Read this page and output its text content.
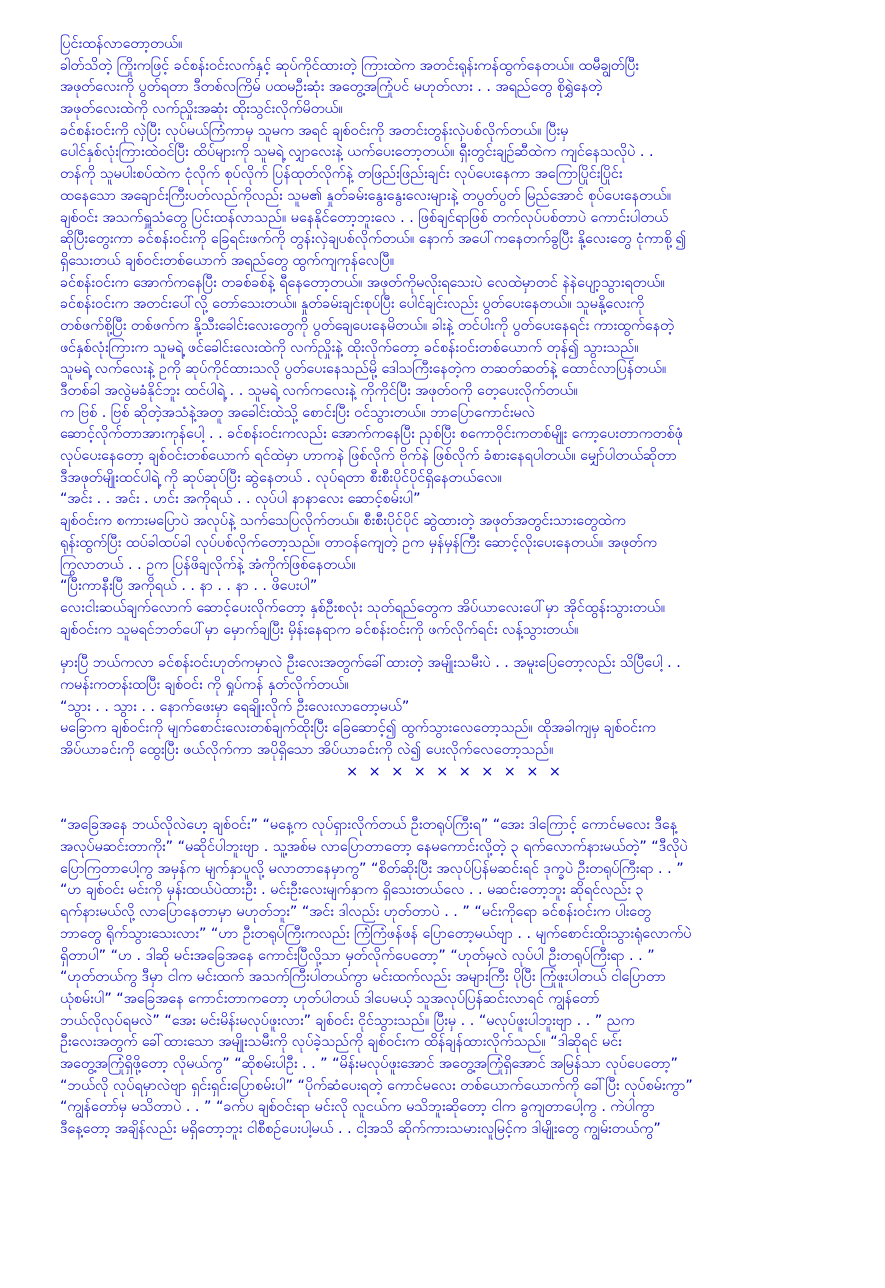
ပြင်းထန်လာတော့တယ်။
ခါတ်သိတဲ့ ကြိုးကဖြင့် ခင်စန်းဝင်းလက်နှင့် ဆုပ်ကိုင်ထားတဲ့ ကြားထဲက အတင်းရုန်းကန်ထွက်နေတယ်။ ထမီချွတ်ပြီး
အဖုတ်လေးကို ပွတ်ရတာ ဒီတစ်လကြိမ် ပထမဦးဆုံး အတွေ့အကြုံပင် မဟုတ်လား . . အရည်တွေ စိုရွှဲနေတဲ့
အဖုတ်လေးထဲကို လက်ညှိုးအဆုံး ထိုးသွင်းလိုက်မိတယ်။
ခင်စန်းဝင်းကို လှဲပြီး လုပ်မယ်ကြံကာမှ သူမက အရင် ချစ်ဝင်းကို အတင်းတွန်းလှဲပစ်လိုက်တယ်။ ပြီးမှ
ပေါင်နှစ်လုံးကြားထဲဝင်ပြီး ထိပ်များကို သူမရဲ့ လျှာလေးနဲ့ ယက်ပေးတော့တယ်။ ရှီးတွင်းချဉ်ဆီထဲက ကျင်နေသလိုပဲ . .
တန်ကို သူမပါးစပ်ထဲက ငုံလိုက် စုပ်လိုက် ပြန်ထုတ်လိုက်နဲ့ တဖြည်းဖြည်းချင်း လုပ်ပေးနေကာ အကြောပြိုင်းပြိုင်း
ထနေသော အချောင်းကြီးပတ်လည်ကိုလည်း သူမ၏ နှုတ်ခမ်းနွေးနွေးလေးများနဲ့ တပွတ်ပွတ် မြည်အောင် စုပ်ပေးနေတယ်။
ချစ်ဝင်း အသက်ရှူသံတွေ ပြင်းထန်လာသည်။ မနေနိုင်တော့ဘူးလေ . . ဖြစ်ချင်ရာဖြစ် တက်လုပ်ပစ်တာပဲ ကောင်းပါတယ်
ဆိုပြီးတွေးကာ ခင်စန်းဝင်းကို ခြေရင်းဖက်ကို တွန်းလှဲချပစ်လိုက်တယ်။ နောက် အပေါ်ကနေတက်ခွပြီး နို့လေးတွေ ငုံကာစို့၍
ရှိသေးတယ် ချစ်ဝင်းတစ်ယောက် အရည်တွေ ထွက်ကျကုန်လေပြီ။
ခင်စန်းဝင်းက အောက်ကနေပြီး တခစ်ခစ်နဲ့ ရီနေတော့တယ်။ အဖုတ်ကိုမလိုးရသေးပဲ လေထဲမှာတင် နဲနဲပျော့သွားရတယ်။
ခင်စန်းဝင်းက အတင်းပေါ်လို့ တော်သေးတယ်။ နှုတ်ခမ်းချင်းစုပ်ပြီး ပေါင်ချင်းလည်း ပွတ်ပေးနေတယ်။ သူမနို့လေးကို
တစ်ဖက်စို့ပြီး တစ်ဖက်က နို့သီးခေါင်းလေးတွေကို ပွတ်ချေပေးနေမိတယ်။ ခါးနဲ့ တင်ပါးကို ပွတ်ပေးနေရင်း ကားထွက်နေတဲ့
ဖင်နှစ်လုံးကြားက သူမရဲ့ ဖင်ခေါင်းလေးထဲကို လက်ညှိုးနဲ့ ထိုးလိုက်တော့ ခင်စန်းဝင်းတစ်ယောက် တုန်၍ သွားသည်။
သူမရဲ့ လက်လေးနဲ့ ဥကို ဆုပ်ကိုင်ထားသလို ပွတ်ပေးနေသည်မို့ ဒေါသကြီးနေတဲ့က တဆတ်ဆတ်နဲ့ ထောင်လာပြန်တယ်။
ဒီတစ်ခါ အလွဲမခံနိုင်ဘူး ထင်ပါရဲ့ . . သူမရဲ့ လက်ကလေးနဲ့ ကိုကိုင်ပြီး အဖုတ်ဝကို တေ့ပေးလိုက်တယ်။
က ဗြစ် . ဗြစ် ဆိုတဲ့အသံနဲ့အတူ အခေါင်းထဲသို့ စောင်းပြီး ဝင်သွားတယ်။ ဘာပြောကောင်းမလဲ
ဆောင့်လိုက်တာအားကုန်ပေါ့ . . ခင်စန်းဝင်းကလည်း အောက်ကနေပြီး ညှစ်ပြီး စကောဝိုင်းကတစ်မျိုး ကော့ပေးတာကတစ်ဖုံ
လုပ်ပေးနေတော့ ချစ်ဝင်းတစ်ယောက် ရင်ထဲမှာ ဟာကနဲ ဖြစ်လိုက် ဗိုက်နဲ ဖြစ်လိုက် ခံစားနေရပါတယ်။ မျှော်ပါတယ်ဆိုတာ
ဒီအဖုတ်မျိုးထင်ပါရဲ့ ကို ဆုပ်ဆုပ်ပြီး ဆွဲနေတယ် . လုပ်ရတာ စီးစီးပိုင်ပိုင်ရှိနေတယ်လေ။
“အင်း . . အင်း . ဟင်း အကိုရယ် . . လုပ်ပါ နာနာလေး ဆောင့်စမ်းပါ”
ချစ်ဝင်းက စကားမပြောပဲ အလုပ်နဲ့ သက်သေပြလိုက်တယ်။ စီးစီးပိုင်ပိုင် ဆွဲထားတဲ့ အဖုတ်အတွင်းသားတွေထဲက
ရုန်းထွက်ပြီး ထပ်ခါထပ်ခါ လုပ်ပစ်လိုက်တော့သည်။ တာဝန်ကျေတဲ့ ဥက မှန်မှန်ကြီး ဆောင့်လိုးပေးနေတယ်။ အဖုတ်က
ကြွလာတယ် . . ဥက ပြန်ဖိချလိုက်နဲ့ အံကိုက်ဖြစ်နေတယ်။
“ပြီးကာနီးပြီ အကိုရယ် . . နာ . . နာ . . ဖိပေးပါ”
လေးငါးဆယ်ချက်လောက် ဆောင့်ပေးလိုက်တော့ နှစ်ဦးစလုံး သုတ်ရည်တွေက အိပ်ယာလေးပေါ်မှာ အိုင်ထွန်းသွားတယ်။
ချစ်ဝင်းက သူမရင်ဘတ်ပေါ်မှာ မှောက်ချပြီး မှိန်းနေရာက ခင်စန်းဝင်းကို ဖက်လိုက်ရင်း လန့်သွားတယ်။
မှားပြီ ဘယ်ကလာ ခင်စန်းဝင်းဟုတ်ကမှာလဲ ဦးလေးအတွက်ခေါ်ထားတဲ့ အမျိုးသမီးပဲ . . အမူးပြေတော့လည်း သိပြီပေါ့ . .
ကမန်းကတန်းထပြီး ချစ်ဝင်း ကို ရှုပ်ကန် နှတ်လိုက်တယ်။
“သွား . . သွား . . နောက်ဖေးမှာ ရေချိုးလိုက် ဦးလေးလာတော့မယ်”
မခြောက ချစ်ဝင်းကို မျက်စောင်းလေးတစ်ချက်ထိုးပြီး ခြေဆောင့်၍ ထွက်သွားလေတော့သည်။ ထိုအခါကျမှ ချစ်ဝင်းက
အိပ်ယာခင်းကို ထွေးပြီး ဖယ်လိုက်ကာ အပိုရှိသော အိပ်ယာခင်းကို လဲ၍ ပေးလိုက်လေတော့သည်။
× × × × × × × × × ×
“အခြေအနေ ဘယ်လိုလဲဟေ့ ချစ်ဝင်း” “မနေ့က လုပ်ရှားလိုက်တယ် ဦးတရုပ်ကြီးရ” “အေး ဒါကြောင့် ကောင်မလေး ဒီနေ့
အလုပ်မဆင်းတာကိုး” “မဆိုင်ပါဘူးဗျာ . သူ့အစ်မ လာပြောတာတော့ နေမကောင်းလို့တဲ့ ၃ ရက်လောက်နားမယ်တဲ့” “ဒီလိုပဲ
ပြောကြတာပေါ့ကွ အမှန်က မျက်နှာပူလို့ မလာတာနေမှာကွ” “စိတ်ဆိုးပြီး အလုပ်ပြန်မဆင်းရင် ဒုက္ခပဲ ဦးတရုပ်ကြီးရာ . . ”
“ဟ ချစ်ဝင်း မင်းကို မှန်းထယ်ပဲထားဦး . မင်းဦးလေးမျက်နှာက ရှိသေးတယ်လေ . . မဆင်းတော့ဘူး ဆိုရင်လည်း ၃
ရက်နားမယ်လို့ လာပြောနေတာမှာ မဟုတ်ဘူး” “အင်း ဒါလည်း ဟုတ်တာပဲ . . ” “မင်းကိုရော ခင်စန်းဝင်းက ပါးတွေ
ဘာတွေ ရိုက်သွားသေးလား” “ဟာ ဦးတရုပ်ကြီးကလည်း ကြံကြံဖန်ဖန် ပြောတော့မယ်ဗျာ . . မျက်စောင်းထိုးသွားရုံလောက်ပဲ
ရှိတာပါ” “ဟ . ဒါဆို မင်းအခြေအနေ ကောင်းပြီလို့သာ မှတ်လိုက်ပေတော့” “ဟုတ်မှလဲ လုပ်ပါ ဦးတရုပ်ကြီးရာ . . ”
“ဟုတ်တယ်ကွ ဒီမှာ ငါက မင်းထက် အသက်ကြီးပါတယ်ကွာ မင်းထက်လည်း အများကြီး ပိုပြီး ကြုံဖူးပါတယ် ငါပြောတာ
ယုံစမ်းပါ” “အခြေအနေ ကောင်းတာကတော့ ဟုတ်ပါတယ် ဒါပေမယ့် သူအလုပ်ပြန်ဆင်းလာရင် ကျွန်တော်
ဘယ်လိုလုပ်ရမလဲ” “အေး မင်းမိန်းမလုပ်ဖူးလား” ချစ်ဝင်း ငိုင်သွားသည်။ ပြီးမှ . . “မလုပ်ဖူးပါဘူးဗျာ . . ” ညက
ဦးလေးအတွက် ခေါ်ထားသော အမျိုးသမီးကို လုပ်ခဲ့သည်ကို ချစ်ဝင်းက ထိန်ချန်ထားလိုက်သည်။ “ဒါဆိုရင် မင်း
အတွေ့အကြုံရှိဖို့တော့ လိုမယ်ကွ” “ဆိုစမ်းပါဦး . . ” “မိန်းမလုပ်ဖူးအောင် အတွေ့အကြုံရှိအောင် အမြန်သာ လုပ်ပေတော့”
“ဘယ်လို လုပ်ရမှာလဲဗျာ ရှင်းရှင်းပြောစမ်းပါ” “ပိုက်ဆံပေးရတဲ့ ကောင်မလေး တစ်ယောက်ယောက်ကို ခေါ်ပြီး လုပ်စမ်းကွာ”
“ကျွန်တော်မှ မသိတာပဲ . . ” “ခက်ပ ချစ်ဝင်းရာ မင်းလို လူငယ်က မသိဘူးဆိုတော့ ငါက ခွကျတာပေါ့ကွ . ကဲပါကွာ
ဒီနေ့တော့ အချိန်လည်း မရှိတော့ဘူး ငါစီစဉ်ပေးပါ့မယ် . . ငါ့အသိ ဆိုက်ကားသမားလူမြင့်က ဒါမျိုးတွေ ကျွမ်းတယ်ကွ”
